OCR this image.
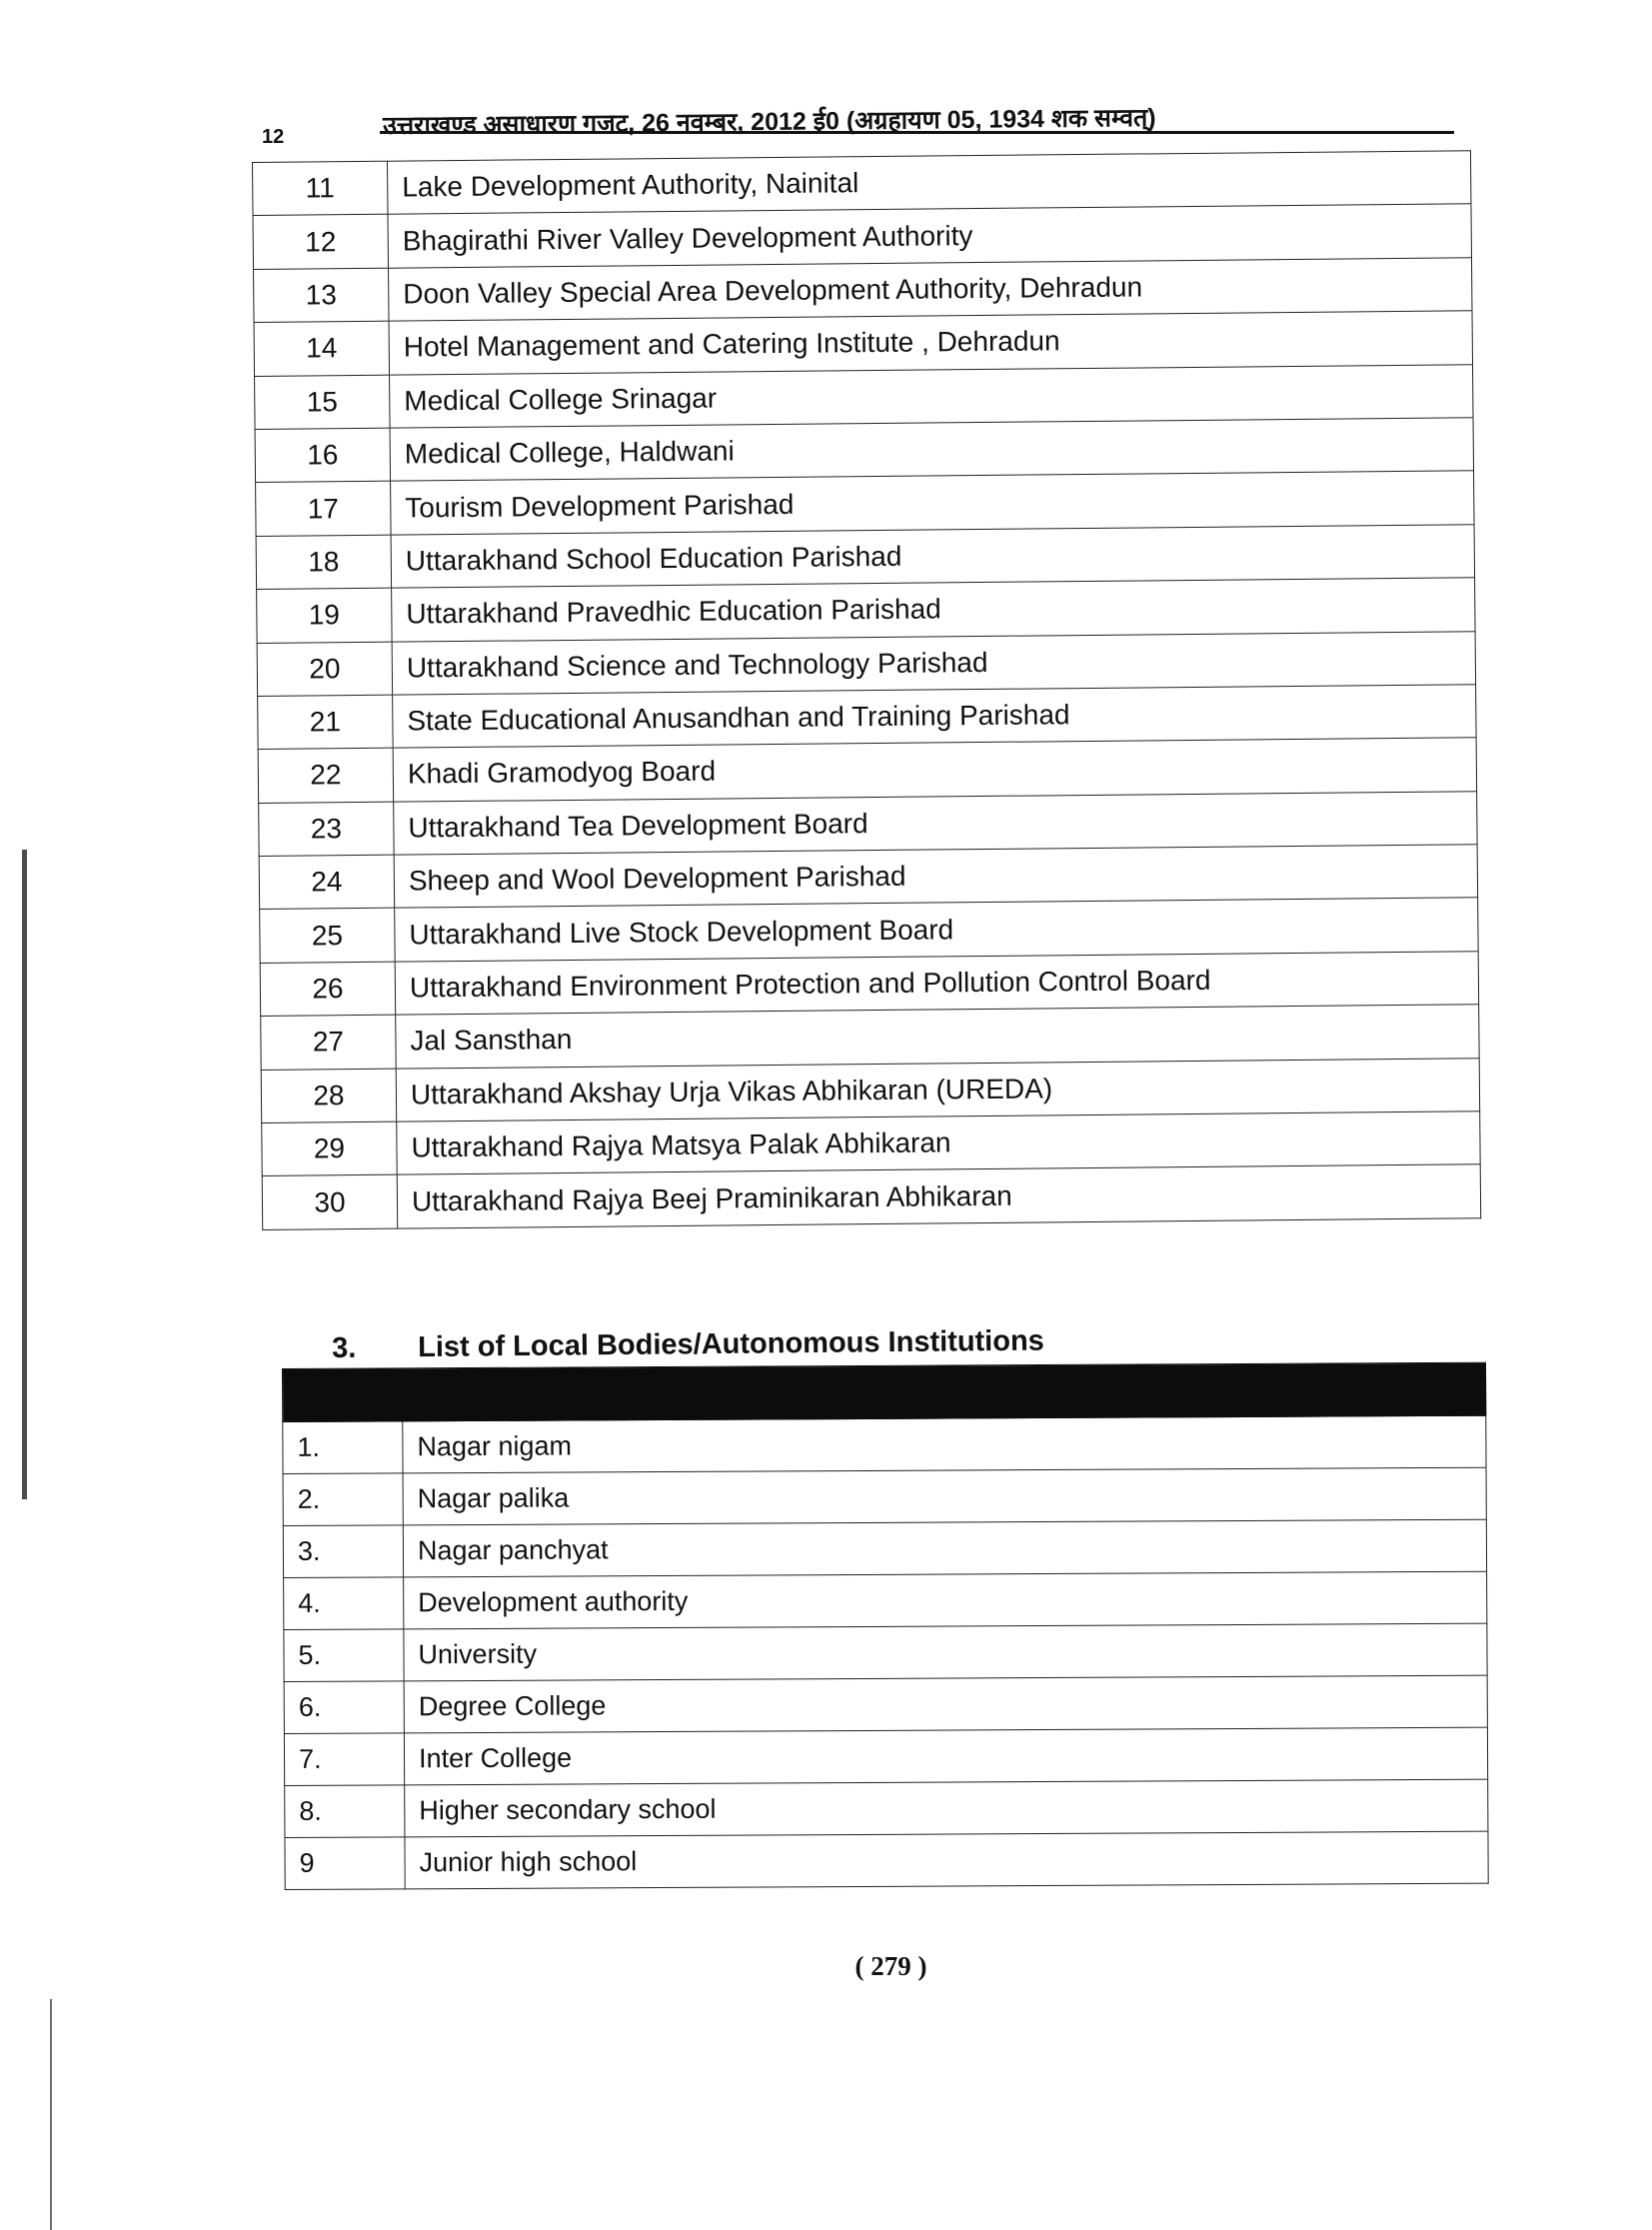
12	उत्तराखण्ड असाधारण गजट, 26 नवम्बर, 2012 ई0 (अग्रहायण 05, 1934 शक सम्वत्)
11	Lake Development Authority, Nainital
12	Bhagirathi River Valley Development Authority
13	Doon Valley Special Area Development Authority, Dehradun
14	Hotel Management and Catering Institute , Dehradun
15	Medical College Srinagar
16	Medical College, Haldwani
17	Tourism Development Parishad
18	Uttarakhand School Education Parishad
19	Uttarakhand Pravedhic Education Parishad
20	Uttarakhand Science and Technology Parishad
21	State Educational Anusandhan and Training Parishad
22	Khadi Gramodyog Board
23	Uttarakhand Tea Development Board
24	Sheep and Wool Development Parishad
25	Uttarakhand Live Stock Development Board
26	Uttarakhand Environment Protection and Pollution Control Board
27	Jal Sansthan
28	Uttarakhand Akshay Urja Vikas Abhikaran (UREDA)
29	Uttarakhand Rajya Matsya Palak Abhikaran
30	Uttarakhand Rajya Beej Praminikaran Abhikaran
3. List of Local Bodies/Autonomous Institutions

1.	Nagar nigam
2.	Nagar palika
3.	Nagar panchyat
4.	Development authority
5.	University
6.	Degree College
7.	Inter College
8.	Higher secondary school
9	Junior high school
( 279 )
